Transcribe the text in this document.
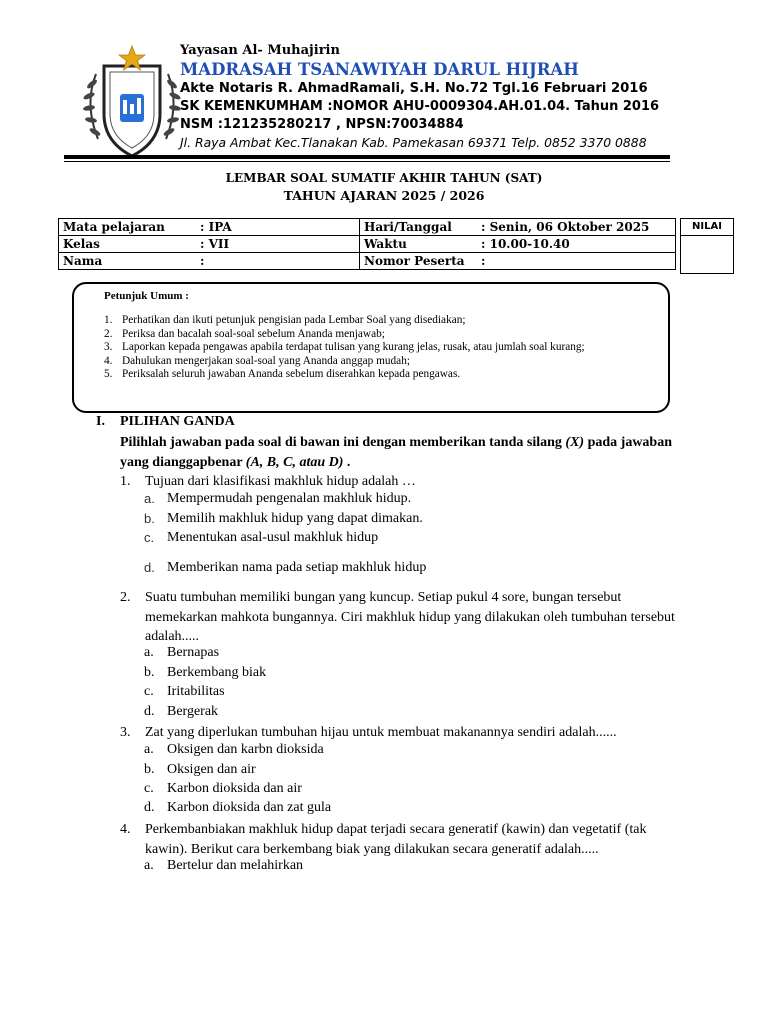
Yayasan Al- Muhajirin
MADRASAH TSANAWIYAH DARUL HIJRAH
Akte Notaris R. AhmadRamali, S.H. No.72 Tgl.16 Februari 2016
SK KEMENKUMHAM :NOMOR AHU-0009304.AH.01.04. Tahun 2016
NSM :121235280217 , NPSN:70034884
Jl. Raya Ambat Kec.Tlanakan Kab. Pamekasan 69371 Telp. 0852 3370 0888
LEMBAR SOAL SUMATIF AKHIR TAHUN (SAT)
TAHUN AJARAN 2025 / 2026
Mata pelajaran : IPA	Hari/Tanggal : Senin, 06 Oktober 2025
Kelas : VII	Waktu : 10.00-10.40
Nama :	Nomor Peserta :
NILAI
Petunjuk Umum :
1. Perhatikan dan ikuti petunjuk pengisian pada Lembar Soal yang disediakan;
2. Periksa dan bacalah soal-soal sebelum Ananda menjawab;
3. Laporkan kepada pengawas apabila terdapat tulisan yang kurang jelas, rusak, atau jumlah soal kurang;
4. Dahulukan mengerjakan soal-soal yang Ananda anggap mudah;
5. Periksalah seluruh jawaban Ananda sebelum diserahkan kepada pengawas.
I. PILIHAN GANDA
Pilihlah jawaban pada soal di bawan ini dengan memberikan tanda silang (X) pada jawaban yang dianggapbenar (A, B, C, atau D) .
1.	Tujuan dari klasifikasi makhluk hidup adalah …
a. Mempermudah pengenalan makhluk hidup.
b. Memilih makhluk hidup yang dapat dimakan.
c. Menentukan asal-usul makhluk hidup
d. Memberikan nama pada setiap makhluk hidup
2.	Suatu tumbuhan memiliki bungan yang kuncup. Setiap pukul 4 sore, bungan tersebut memekarkan mahkota bungannya. Ciri makhluk hidup yang dilakukan oleh tumbuhan tersebut adalah.....
a. Bernapas
b. Berkembang biak
c. Iritabilitas
d. Bergerak
3.	Zat yang diperlukan tumbuhan hijau untuk membuat makanannya sendiri adalah......
a. Oksigen dan karbn dioksida
b. Oksigen dan air
c. Karbon dioksida dan air
d. Karbon dioksida dan zat gula
4.	Perkembanbiakan makhluk hidup dapat terjadi secara generatif (kawin) dan vegetatif (tak kawin). Berikut cara berkembang biak yang dilakukan secara generatif adalah.....
a. Bertelur dan melahirkan
